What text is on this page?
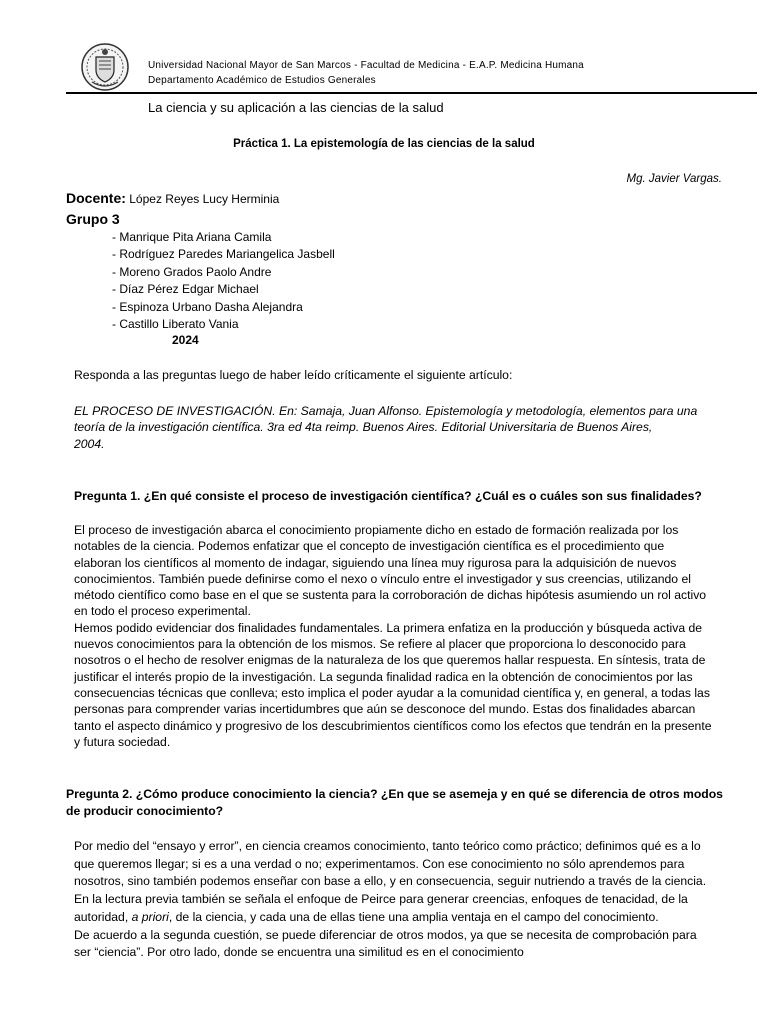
Universidad Nacional Mayor de San Marcos - Facultad de Medicina - E.A.P. Medicina Humana
Departamento Académico de Estudios Generales
La ciencia y su aplicación a las ciencias de la salud
Práctica 1. La epistemología de las ciencias de la salud
Mg. Javier Vargas.
Docente: López Reyes Lucy Herminia
Grupo 3
- Manrique Pita Ariana Camila
- Rodríguez Paredes Mariangelica Jasbell
- Moreno Grados Paolo Andre
- Díaz Pérez Edgar Michael
- Espinoza Urbano Dasha Alejandra
- Castillo Liberato Vania
2024

Responda a las preguntas luego de haber leído críticamente el siguiente artículo:

EL PROCESO DE INVESTIGACIÓN. En: Samaja, Juan Alfonso. Epistemología y metodología, elementos para una teoría de la investigación científica. 3ra ed 4ta reimp. Buenos Aires. Editorial Universitaria de Buenos Aires,
2004.

Pregunta 1. ¿En qué consiste el proceso de investigación científica? ¿Cuál es o cuáles son sus finalidades?

El proceso de investigación abarca el conocimiento propiamente dicho en estado de formación realizada por los notables de la ciencia. Podemos enfatizar que el concepto de investigación científica es el procedimiento que elaboran los científicos al momento de indagar, siguiendo una línea muy rigurosa para la adquisición de nuevos conocimientos. También puede definirse como el nexo o vínculo entre el investigador y sus creencias, utilizando el método científico como base en el que se sustenta para la corroboración de dichas hipótesis asumiendo un rol activo en todo el proceso experimental.
Hemos podido evidenciar dos finalidades fundamentales. La primera enfatiza en la producción y búsqueda activa de nuevos conocimientos para la obtención de los mismos. Se refiere al placer que proporciona lo desconocido para nosotros o el hecho de resolver enigmas de la naturaleza de los que queremos hallar respuesta. En síntesis, trata de justificar el interés propio de la investigación. La segunda finalidad radica en la obtención de conocimientos por las consecuencias técnicas que conlleva; esto implica el poder ayudar a la comunidad científica y, en general, a todas las personas para comprender varias incertidumbres que aún se desconoce del mundo. Estas dos finalidades abarcan tanto el aspecto dinámico y progresivo de los descubrimientos científicos como los efectos que tendrán en la presente y futura sociedad.

Pregunta 2. ¿Cómo produce conocimiento la ciencia? ¿En que se asemeja y en qué se diferencia de otros modos de producir conocimiento?

Por medio del “ensayo y error”, en ciencia creamos conocimiento, tanto teórico como práctico; definimos qué es a lo que queremos llegar; si es a una verdad o no; experimentamos. Con ese conocimiento no sólo aprendemos para nosotros, sino también podemos enseñar con base a ello, y en consecuencia, seguir nutriendo a través de la ciencia. En la lectura previa también se señala el enfoque de Peirce para generar creencias, enfoques de tenacidad, de la autoridad, a priori, de la ciencia, y cada una de ellas tiene una amplia ventaja en el campo del conocimiento.
De acuerdo a la segunda cuestión, se puede diferenciar de otros modos, ya que se necesita de comprobación para ser “ciencia”. Por otro lado, donde se encuentra una similitud es en el conocimiento
